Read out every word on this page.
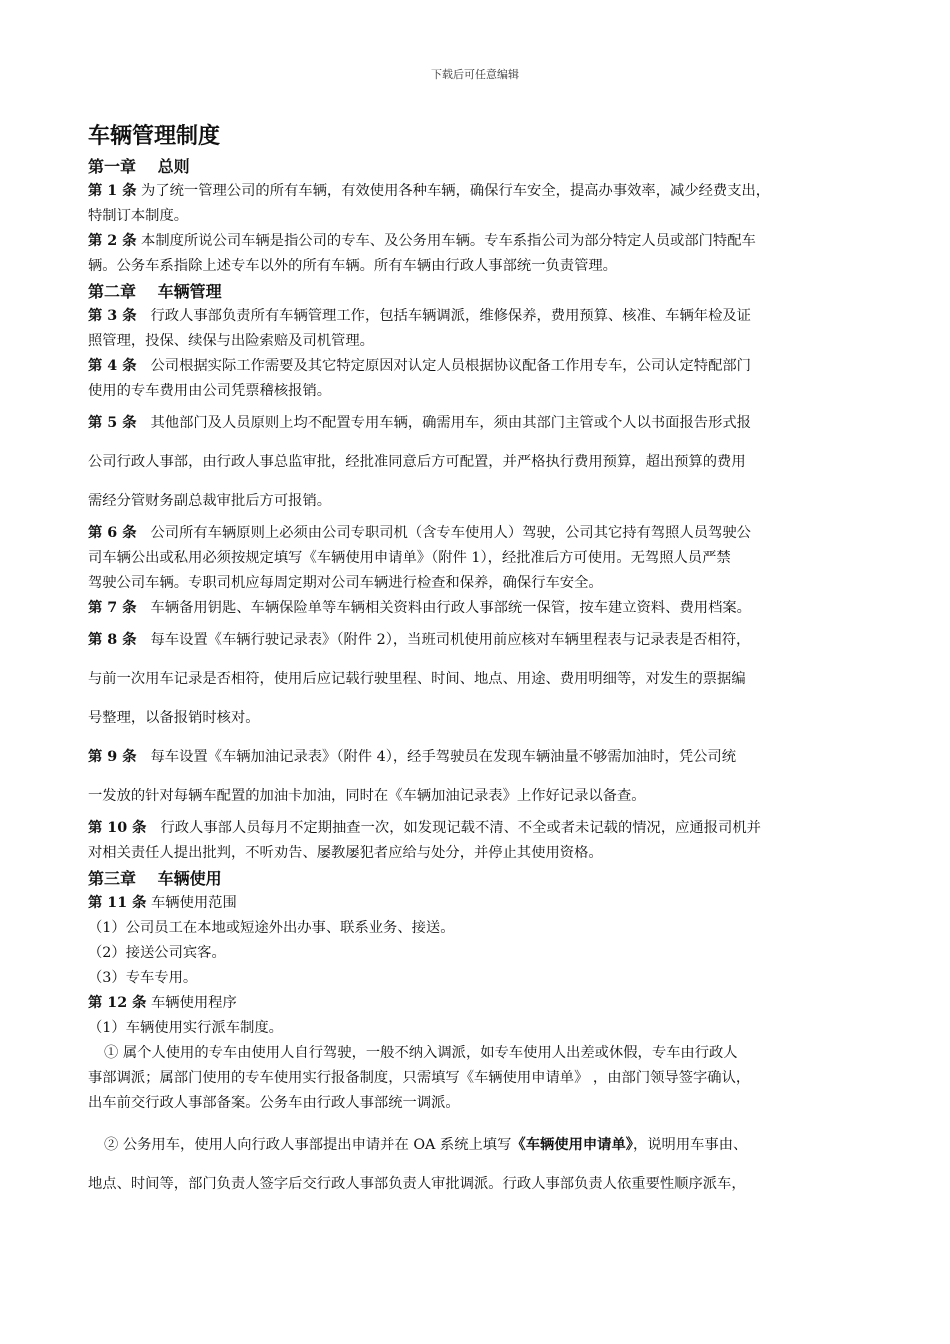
下载后可任意编辑
车辆管理制度
第一章　 总则
第 1 条 为了统一管理公司的所有车辆，有效使用各种车辆，确保行车安全，提高办事效率，减少经费支出，
特制订本制度。
第 2 条 本制度所说公司车辆是指公司的专车、及公务用车辆。专车系指公司为部分特定人员或部门特配车
辆。公务车系指除上述专车以外的所有车辆。所有车辆由行政人事部统一负责管理。
第二章　 车辆管理
第 3 条 行政人事部负责所有车辆管理工作，包括车辆调派，维修保养，费用预算、核准、车辆年检及证
照管理，投保、续保与出险索赔及司机管理。
第 4 条 公司根据实际工作需要及其它特定原因对认定人员根据协议配备工作用专车，公司认定特配部门
使用的专车费用由公司凭票稽核报销。
第 5 条 其他部门及人员原则上均不配置专用车辆，确需用车，须由其部门主管或个人以书面报告形式报
公司行政人事部，由行政人事总监审批，经批准同意后方可配置，并严格执行费用预算，超出预算的费用
需经分管财务副总裁审批后方可报销。
第 6 条 公司所有车辆原则上必须由公司专职司机（含专车使用人）驾驶，公司其它持有驾照人员驾驶公
司车辆公出或私用必须按规定填写《车辆使用申请单》（附件 1），经批准后方可使用。无驾照人员严禁
驾驶公司车辆。专职司机应每周定期对公司车辆进行检查和保养，确保行车安全。
第 7 条 车辆备用钥匙、车辆保险单等车辆相关资料由行政人事部统一保管，按车建立资料、费用档案。
第 8 条 每车设置《车辆行驶记录表》（附件 2），当班司机使用前应核对车辆里程表与记录表是否相符，
与前一次用车记录是否相符，使用后应记载行驶里程、时间、地点、用途、费用明细等，对发生的票据编
号整理，以备报销时核对。
第 9 条 每车设置《车辆加油记录表》（附件 4），经手驾驶员在发现车辆油量不够需加油时，凭公司统
一发放的针对每辆车配置的加油卡加油，同时在《车辆加油记录表》上作好记录以备查。
第 10 条 行政人事部人员每月不定期抽查一次，如发现记载不清、不全或者未记载的情况，应通报司机并
对相关责任人提出批判，不听劝告、屡教屡犯者应给与处分，并停止其使用资格。
第三章　 车辆使用
第 11 条 车辆使用范围
（1）公司员工在本地或短途外出办事、联系业务、接送。
（2）接送公司宾客。
（3）专车专用。
第 12 条 车辆使用程序
（1）车辆使用实行派车制度。
① 属个人使用的专车由使用人自行驾驶，一般不纳入调派，如专车使用人出差或休假，专车由行政人
事部调派；属部门使用的专车使用实行报备制度，只需填写《车辆使用申请单》 ，由部门领导签字确认，
出车前交行政人事部备案。公务车由行政人事部统一调派。
② 公务用车，使用人向行政人事部提出申请并在 OA 系统上填写《车辆使用申请单》，说明用车事由、
地点、时间等，部门负责人签字后交行政人事部负责人审批调派。行政人事部负责人依重要性顺序派车，
